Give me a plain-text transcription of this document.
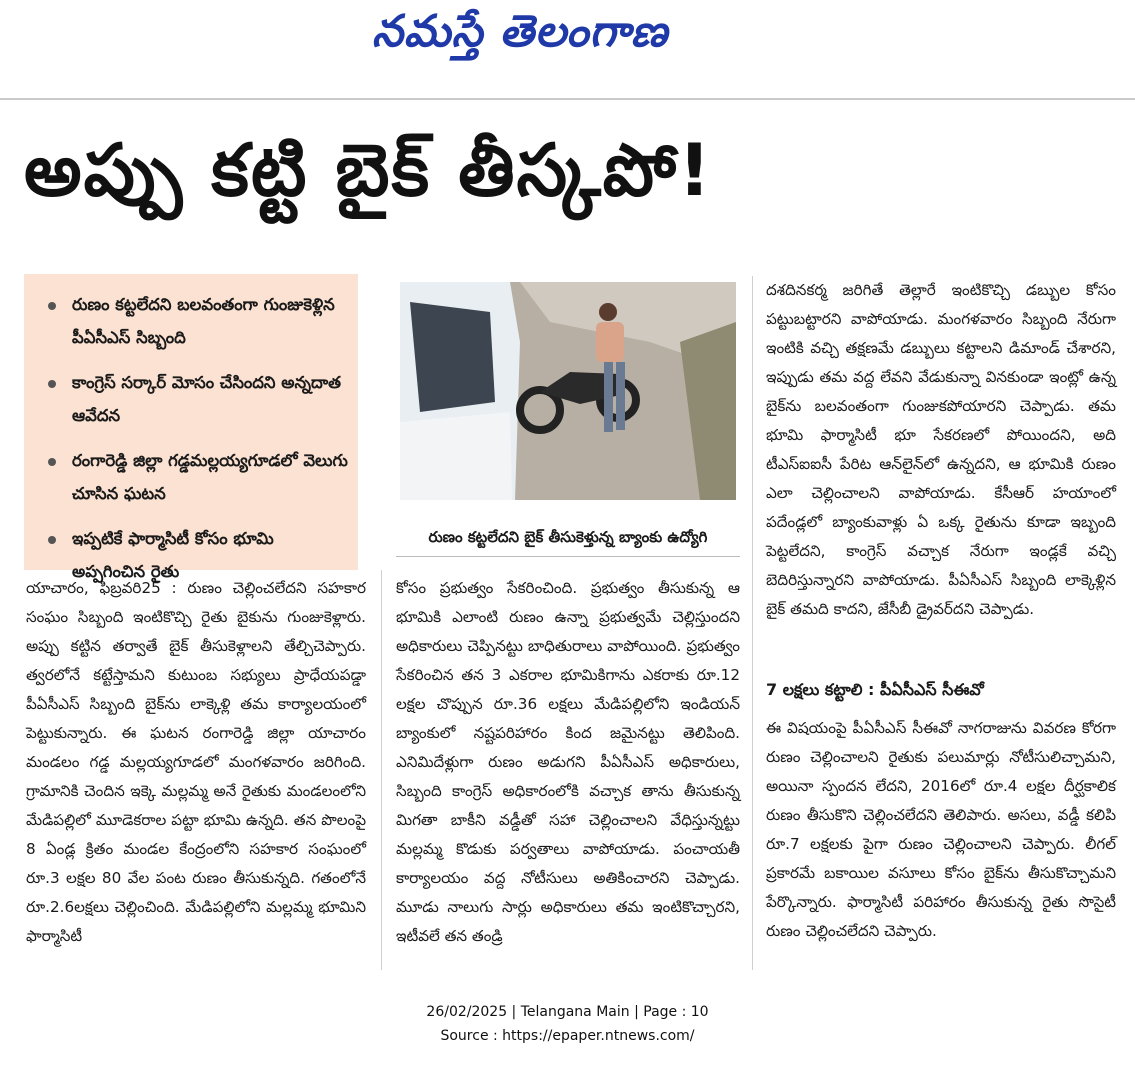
నమస్తే తెలంగాణ
అప్పు కట్టి బైక్ తీస్కపో!
రుణం కట్టలేదని బలవంతంగా గుంజుకెళ్లిన పీఏసీఎస్ సిబ్బంది
కాంగ్రెస్ సర్కార్ మోసం చేసిందని అన్నదాత ఆవేదన
రంగారెడ్డి జిల్లా గడ్డమల్లయ్యగూడలో వెలుగు చూసిన ఘటన
ఇప్పటికే ఫార్మాసిటీ కోసం భూమి అప్పగించిన రైతు
రుణం కట్టలేదని బైక్ తీసుకెళ్తున్న బ్యాంకు ఉద్యోగి
యాచారం, ఫిబ్రవరి25 : రుణం చెల్లించలేదని సహకార సంఘం సిబ్బంది ఇంటికొచ్చి రైతు బైకును గుంజుకెళ్లారు. అప్పు కట్టిన తర్వాతే బైక్ తీసుకెళ్లాలని తేల్చిచెప్పారు. త్వరలోనే కట్టేస్తామని కుటుంబ సభ్యులు ప్రాధేయపడ్డా పీఏసీఎస్ సిబ్బంది బైక్‌ను లాక్కెళ్లి తమ కార్యాలయంలో పెట్టుకున్నారు. ఈ ఘటన రంగారెడ్డి జిల్లా యాచారం మండలం గడ్డ మల్లయ్యగూడలో మంగళవారం జరిగింది. గ్రామానికి చెందిన ఇక్కె మల్లమ్మ అనే రైతుకు మండలంలోని మేడిపల్లిలో మూడెకరాల పట్టా భూమి ఉన్నది. తన పొలంపై 8 ఏండ్ల క్రితం మండల కేంద్రంలోని సహకార సంఘంలో రూ.3 లక్షల 80 వేల పంట రుణం తీసుకున్నది. గతంలోనే రూ.2.6లక్షలు చెల్లించింది. మేడిపల్లిలోని మల్లమ్మ భూమిని ఫార్మాసిటీ
కోసం ప్రభుత్వం సేకరించింది. ప్రభుత్వం తీసుకున్న ఆ భూమికి ఎలాంటి రుణం ఉన్నా ప్రభుత్వమే చెల్లిస్తుందని అధికారులు చెప్పినట్టు బాధితురాలు వాపోయింది. ప్రభుత్వం సేకరించిన తన 3 ఎకరాల భూమికిగాను ఎకరాకు రూ.12 లక్షల చొప్పున రూ.36 లక్షలు మేడిపల్లిలోని ఇండియన్ బ్యాంకులో నష్టపరిహారం కింద జమైనట్టు తెలిపింది. ఎనిమిదేళ్లుగా రుణం అడుగని పీఏసీఎస్ అధికారులు, సిబ్బంది కాంగ్రెస్ అధికారంలోకి వచ్చాక తాను తీసుకున్న మిగతా బాకీని వడ్డీతో సహా చెల్లించాలని వేధిస్తున్నట్టు మల్లమ్మ కొడుకు పర్వతాలు వాపోయాడు. పంచాయతీ కార్యాలయం వద్ద నోటీసులు అతికించారని చెప్పాడు. మూడు నాలుగు సార్లు అధికారులు తమ ఇంటికొచ్చారని, ఇటీవలే తన తండ్రి
దశదినకర్మ జరిగితే తెల్లారే ఇంటికొచ్చి డబ్బుల కోసం పట్టుబట్టారని వాపోయాడు. మంగళవారం సిబ్బంది నేరుగా ఇంటికి వచ్చి తక్షణమే డబ్బులు కట్టాలని డిమాండ్ చేశారని, ఇప్పుడు తమ వద్ద లేవని వేడుకున్నా వినకుండా ఇంట్లో ఉన్న బైక్‌ను బలవంతంగా గుంజుకపోయారని చెప్పాడు. తమ భూమి ఫార్మాసిటీ భూ సేకరణలో పోయిందని, అది టీఎస్ఐఐసీ పేరిట ఆన్‌లైన్‌లో ఉన్నదని, ఆ భూమికి రుణం ఎలా చెల్లించాలని వాపోయాడు. కేసీఆర్ హయాంలో పదేండ్లలో బ్యాంకువాళ్లు ఏ ఒక్క రైతును కూడా ఇబ్బంది పెట్టలేదని, కాంగ్రెస్ వచ్చాక నేరుగా ఇండ్లకే వచ్చి బెదిరిస్తున్నారని వాపోయాడు. పీఏసీఎస్ సిబ్బంది లాక్కెళ్లిన బైక్ తమది కాదని, జేసీబీ డ్రైవర్‌దని చెప్పాడు.
7 లక్షలు కట్టాలి : పీఏసీఎస్ సీఈవో
ఈ విషయంపై పీఏసీఎస్ సీఈవో నాగరాజును వివరణ కోరగా రుణం చెల్లించాలని రైతుకు పలుమార్లు నోటీసులిచ్చామని, అయినా స్పందన లేదని, 2016లో రూ.4 లక్షల దీర్ఘకాలిక రుణం తీసుకొని చెల్లించలేదని తెలిపారు. అసలు, వడ్డీ కలిపి రూ.7 లక్షలకు పైగా రుణం చెల్లించాలని చెప్పారు. లీగల్ ప్రకారమే బకాయిల వసూలు కోసం బైక్‌ను తీసుకొచ్చామని పేర్కొన్నారు. ఫార్మాసిటీ పరిహారం తీసుకున్న రైతు సొసైటీ రుణం చెల్లించలేదని చెప్పారు.
26/02/2025 | Telangana Main | Page : 10
Source : https://epaper.ntnews.com/
